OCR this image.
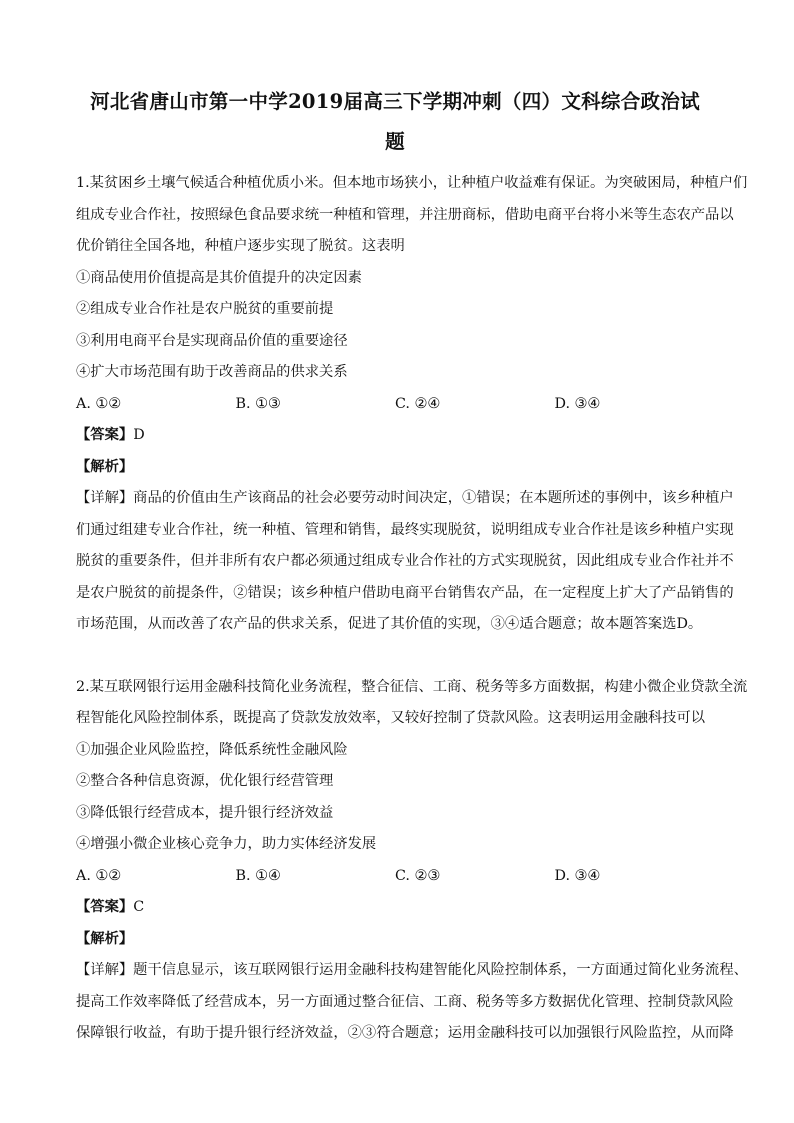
河北省唐山市第一中学2019届高三下学期冲刺（四）文科综合政治试
题
1.某贫困乡土壤气候适合种植优质小米。但本地市场狭小，让种植户收益难有保证。为突破困局，种植户们
组成专业合作社，按照绿色食品要求统一种植和管理，并注册商标，借助电商平台将小米等生态农产品以
优价销往全国各地，种植户逐步实现了脱贫。这表明
①商品使用价值提高是其价值提升的决定因素
②组成专业合作社是农户脱贫的重要前提
③利用电商平台是实现商品价值的重要途径
④扩大市场范围有助于改善商品的供求关系
A. ①②	B. ①③	C. ②④	D. ③④
【答案】D
【解析】
【详解】商品的价值由生产该商品的社会必要劳动时间决定，①错误；在本题所述的事例中，该乡种植户
们通过组建专业合作社，统一种植、管理和销售，最终实现脱贫，说明组成专业合作社是该乡种植户实现
脱贫的重要条件，但并非所有农户都必须通过组成专业合作社的方式实现脱贫，因此组成专业合作社并不
是农户脱贫的前提条件，②错误；该乡种植户借助电商平台销售农产品，在一定程度上扩大了产品销售的
市场范围，从而改善了农产品的供求关系，促进了其价值的实现，③④适合题意；故本题答案选D。
2.某互联网银行运用金融科技简化业务流程，整合征信、工商、税务等多方面数据，构建小微企业贷款全流
程智能化风险控制体系，既提高了贷款发放效率，又较好控制了贷款风险。这表明运用金融科技可以
①加强企业风险监控，降低系统性金融风险
②整合各种信息资源，优化银行经营管理
③降低银行经营成本，提升银行经济效益
④增强小微企业核心竞争力，助力实体经济发展
A. ①②	B. ①④	C. ②③	D. ③④
【答案】C
【解析】
【详解】题干信息显示，该互联网银行运用金融科技构建智能化风险控制体系，一方面通过简化业务流程、
提高工作效率降低了经营成本，另一方面通过整合征信、工商、税务等多方数据优化管理、控制贷款风险
保障银行收益，有助于提升银行经济效益，②③符合题意；运用金融科技可以加强银行风险监控，从而降
